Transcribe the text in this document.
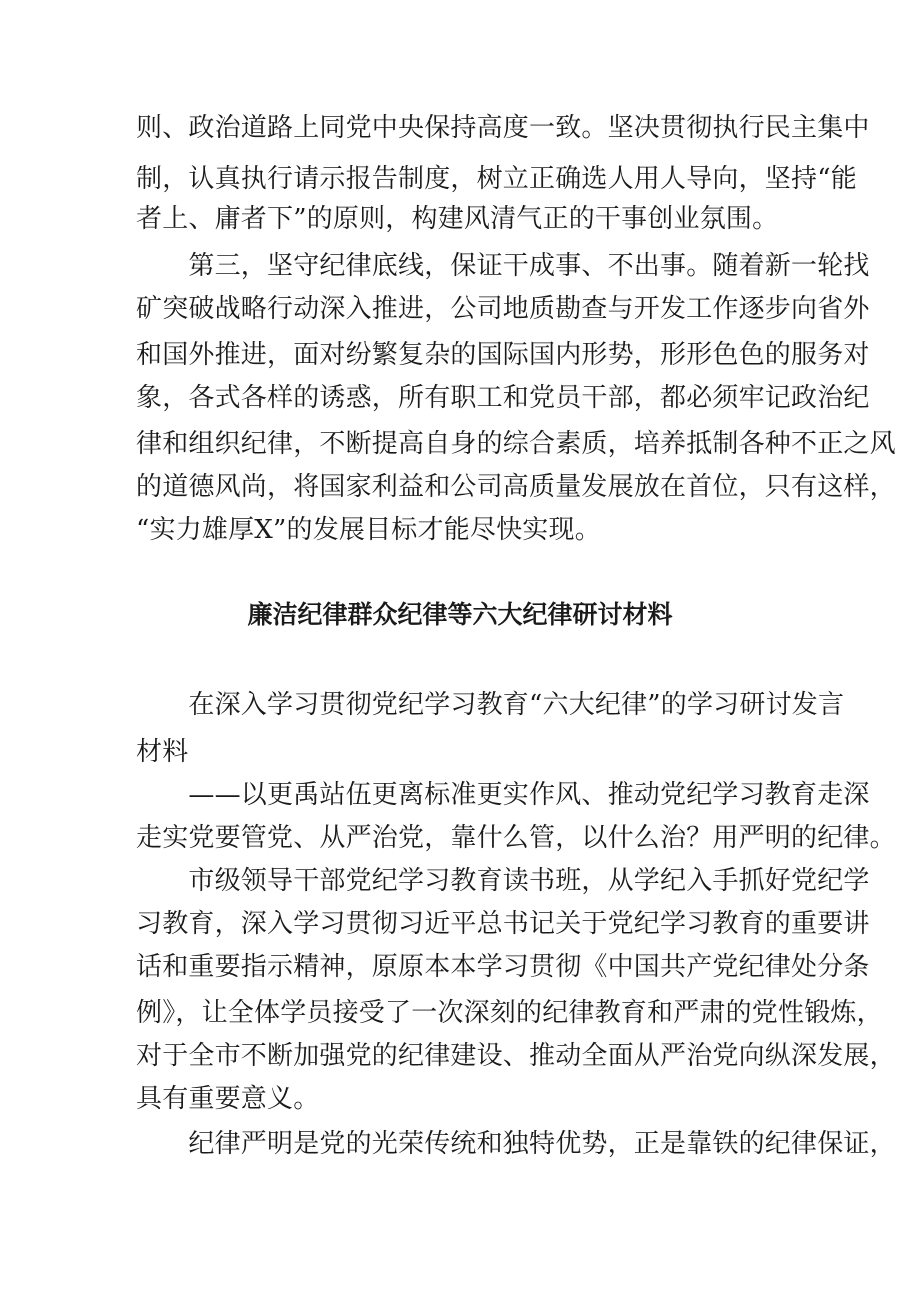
则、政治道路上同党中央保持高度一致。坚决贯彻执行民主集中
制，认真执行请示报告制度，树立正确选人用人导向，坚持“能
者上、庸者下”的原则，构建风清气正的干事创业氛围。
　　第三，坚守纪律底线，保证干成事、不出事。随着新一轮找
矿突破战略行动深入推进，公司地质勘查与开发工作逐步向省外
和国外推进，面对纷繁复杂的国际国内形势，形形色色的服务对
象，各式各样的诱惑，所有职工和党员干部，都必须牢记政治纪
律和组织纪律，不断提高自身的综合素质，培养抵制各种不正之风
的道德风尚，将国家利益和公司高质量发展放在首位，只有这样，
“实力雄厚X”的发展目标才能尽快实现。
廉洁纪律群众纪律等六大纪律研讨材料
　　在深入学习贯彻党纪学习教育“六大纪律”的学习研讨发言
材料
　　——以更禹站伍更离标准更实作风、推动党纪学习教育走深
走实党要管党、从严治党，靠什么管，以什么治？用严明的纪律。
　　市级领导干部党纪学习教育读书班，从学纪入手抓好党纪学
习教育，深入学习贯彻习近平总书记关于党纪学习教育的重要讲
话和重要指示精神，原原本本学习贯彻《中国共产党纪律处分条
例》，让全体学员接受了一次深刻的纪律教育和严肃的党性锻炼，
对于全市不断加强党的纪律建设、推动全面从严治党向纵深发展，
具有重要意义。
　　纪律严明是党的光荣传统和独特优势，正是靠铁的纪律保证，
